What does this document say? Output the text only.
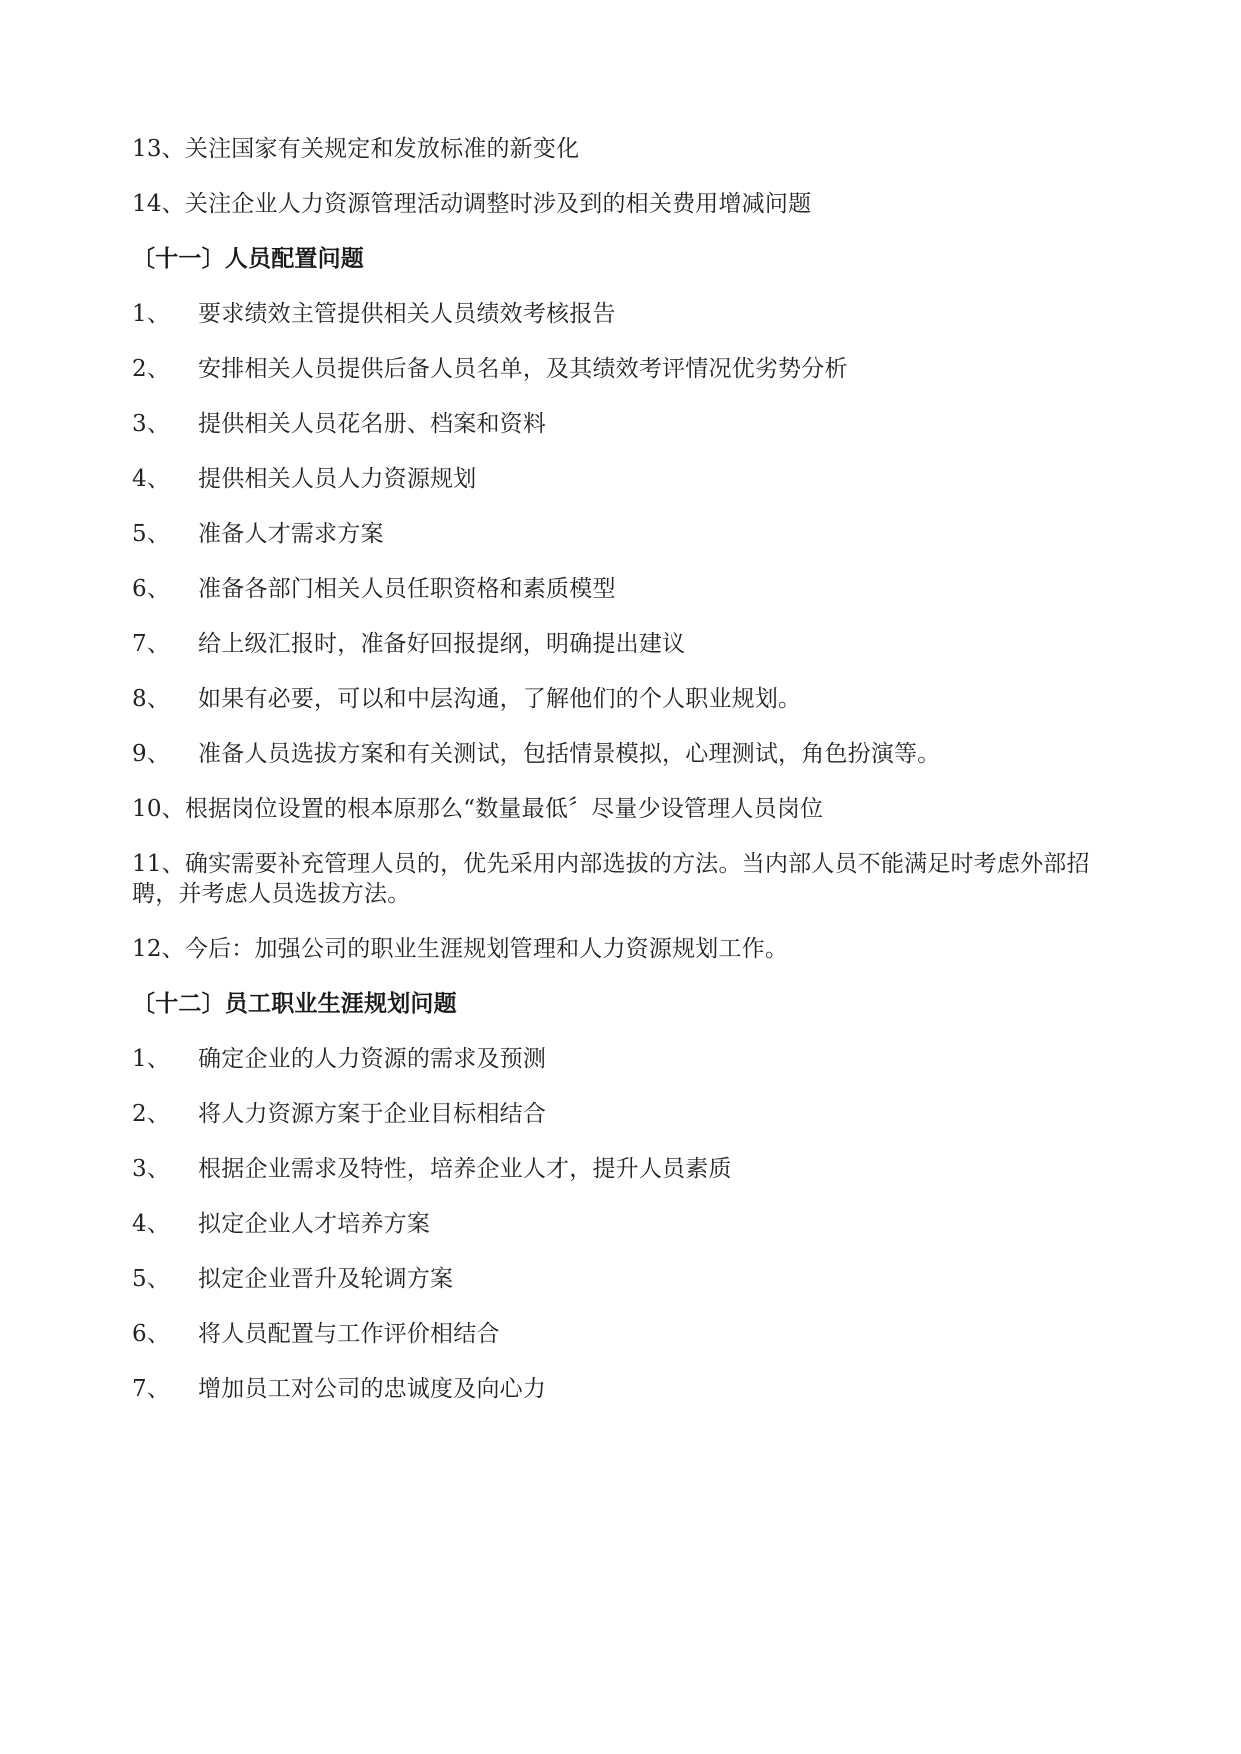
13、关注国家有关规定和发放标准的新变化
14、关注企业人力资源管理活动调整时涉及到的相关费用增减问题
〔十一〕人员配置问题
1、 要求绩效主管提供相关人员绩效考核报告
2、 安排相关人员提供后备人员名单，及其绩效考评情况优劣势分析
3、 提供相关人员花名册、档案和资料
4、 提供相关人员人力资源规划
5、 准备人才需求方案
6、 准备各部门相关人员任职资格和素质模型
7、 给上级汇报时，准备好回报提纲，明确提出建议
8、 如果有必要，可以和中层沟通，了解他们的个人职业规划。
9、 准备人员选拔方案和有关测试，包括情景模拟，心理测试，角色扮演等。
10、根据岗位设置的根本原那么“数量最低〞尽量少设管理人员岗位
11、确实需要补充管理人员的，优先采用内部选拔的方法。当内部人员不能满足时考虑外部招聘，并考虑人员选拔方法。
12、今后：加强公司的职业生涯规划管理和人力资源规划工作。
〔十二〕员工职业生涯规划问题
1、 确定企业的人力资源的需求及预测
2、 将人力资源方案于企业目标相结合
3、 根据企业需求及特性，培养企业人才，提升人员素质
4、 拟定企业人才培养方案
5、 拟定企业晋升及轮调方案
6、 将人员配置与工作评价相结合
7、 增加员工对公司的忠诚度及向心力
